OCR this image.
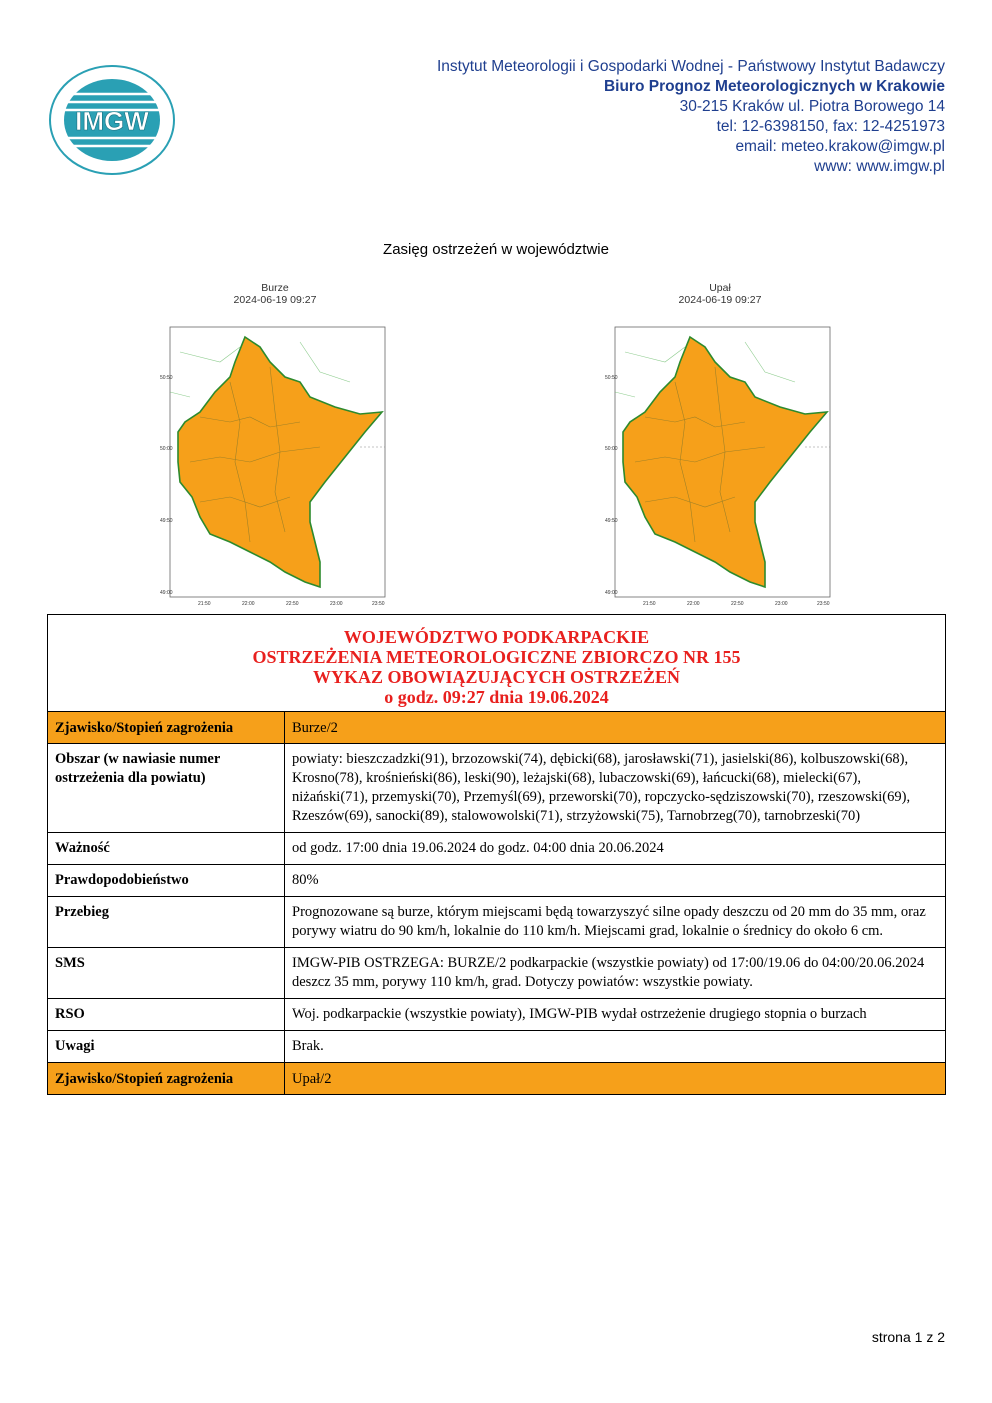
IMGW
Instytut Meteorologii i Gospodarki Wodnej - Państwowy Instytut Badawczy
Biuro Prognoz Meteorologicznych w Krakowie
30-215 Kraków ul. Piotra Borowego 14
tel: 12-6398150, fax: 12-4251973
email: meteo.krakow@imgw.pl
www: www.imgw.pl
Zasięg ostrzeżeń w województwie
Burze
2024-06-19 09:27
50:50
50:00
49:50
49:00
21:50	22:00	22:50	23:00	23:50
Upał
2024-06-19 09:27
50:50
50:00
49:50
49:00
21:50	22:00	22:50	23:00	23:50
WOJEWÓDZTWO PODKARPACKIE
OSTRZEŻENIA METEOROLOGICZNE ZBIORCZO NR 155
WYKAZ OBOWIĄZUJĄCYCH OSTRZEŻEŃ
o godz. 09:27 dnia 19.06.2024	

Zjawisko/Stopień zagrożenia	Burze/2
Obszar (w nawiasie numer ostrzeżenia dla powiatu)	powiaty: bieszczadzki(91), brzozowski(74), dębicki(68), jarosławski(71), jasielski(86), kolbuszowski(68), Krosno(78), krośnieński(86), leski(90), leżajski(68), lubaczowski(69), łańcucki(68), mielecki(67), niżański(71), przemyski(70), Przemyśl(69), przeworski(70), ropczycko-sędziszowski(70), rzeszowski(69), Rzeszów(69), sanocki(89), stalowowolski(71), strzyżowski(75), Tarnobrzeg(70), tarnobrzeski(70)
Ważność	od godz. 17:00 dnia 19.06.2024 do godz. 04:00 dnia 20.06.2024
Prawdopodobieństwo	80%
Przebieg	Prognozowane są burze, którym miejscami będą towarzyszyć silne opady deszczu od 20 mm do 35 mm, oraz porywy wiatru do 90 km/h, lokalnie do 110 km/h. Miejscami grad, lokalnie o średnicy do około 6 cm.
SMS	IMGW-PIB OSTRZEGA: BURZE/2 podkarpackie (wszystkie powiaty) od 17:00/19.06 do 04:00/20.06.2024 deszcz 35 mm, porywy 110 km/h, grad. Dotyczy powiatów: wszystkie powiaty.
RSO	Woj. podkarpackie (wszystkie powiaty), IMGW-PIB wydał ostrzeżenie drugiego stopnia o burzach
Uwagi	Brak.
Zjawisko/Stopień zagrożenia	Upał/2
strona 1 z 2
